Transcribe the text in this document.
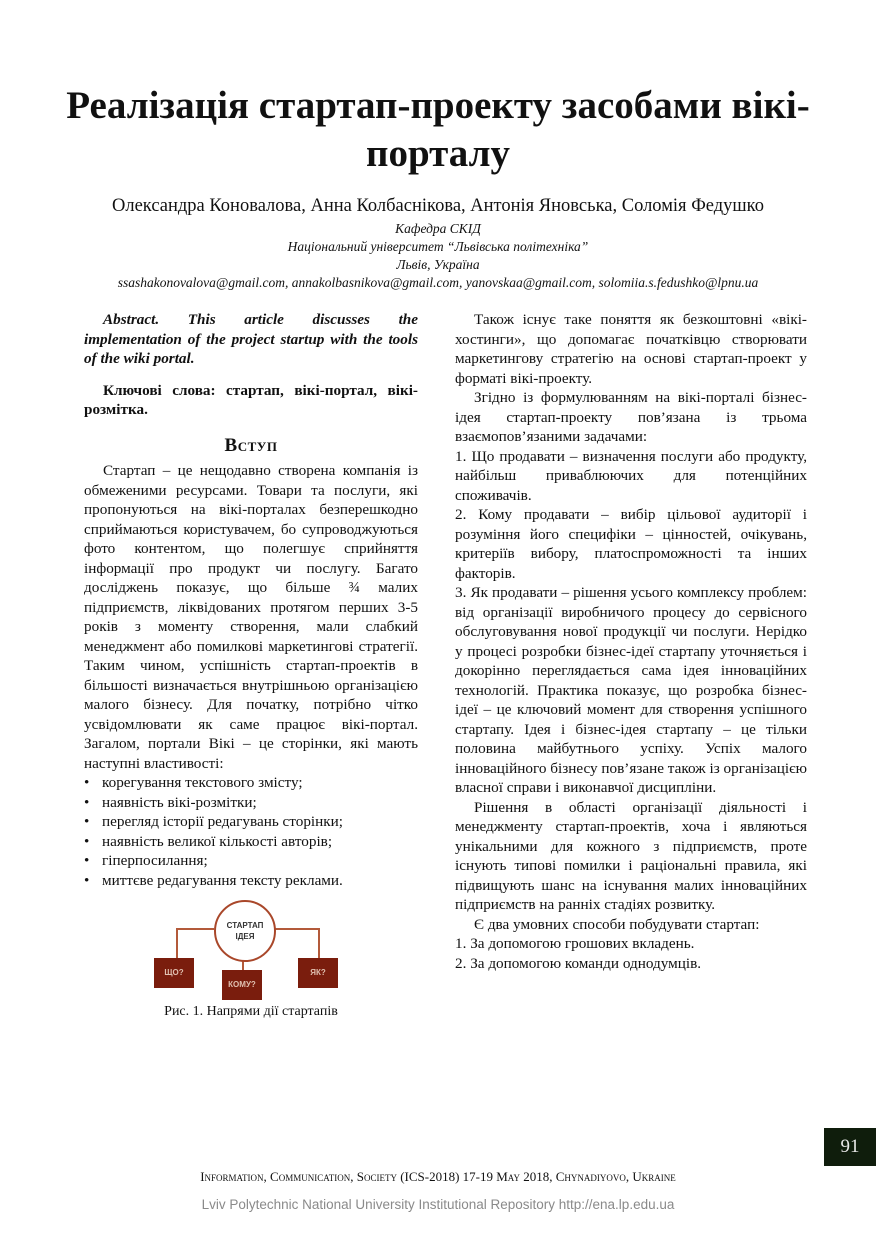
Реалізація стартап-проекту засобами вікі-порталу
Олександра Коновалова, Анна Колбаснікова, Антонія Яновська, Соломія Федушко
Кафедра СКІД
Національний університет “Львівська політехніка”
Львів, Україна
ssashakonovalova@gmail.com, annakolbasnikova@gmail.com, yanovskaa@gmail.com, solomiia.s.fedushko@lpnu.ua

Abstract. This article discusses the implementation of the project startup with the tools of the wiki portal.

Ключові слова: стартап, вікі-портал, вікі-розмітка.

Вступ

Стартап – це нещодавно створена компанія із обмеженими ресурсами. Товари та послуги, які пропонуються на вікі-порталах безперешкодно сприймаються користувачем, бо супроводжуються фото контентом, що полегшує сприйняття інформації про продукт чи послугу. Багато досліджень показує, що більше ¾ малих підприємств, ліквідованих протягом перших 3-5 років з моменту створення, мали слабкий менеджмент або помилкові маркетингові стратегії. Таким чином, успішність стартап-проектів в більшості визначається внутрішньою організацією малого бізнесу. Для початку, потрібно чітко усвідомлювати як саме працює вікі-портал. Загалом, портали Вікі – це сторінки, які мають наступні властивості:

• корегування текстового змісту;
• наявність вікі-розмітки;
• перегляд історії редагувань сторінки;
• наявність великої кількості авторів;
• гіперпосилання;
• миттєве редагування тексту реклами.
СТАРТАП
ІДЕЯ
ЩО?
КОМУ?
ЯК?
Рис. 1. Напрями дії стартапів

Також існує таке поняття як безкоштовні «вікі-хостинги», що допомагає початківцю створювати маркетингову стратегію на основі стартап-проект у форматі вікі-проекту.

Згідно із формулюванням на вікі-порталі бізнес-ідея стартап-проекту пов’язана із трьома взаємопов’язаними задачами:

1. Що продавати – визначення послуги або продукту, найбільш приваблюючих для потенційних споживачів.
2. Кому продавати – вибір цільової аудиторії і розуміння його специфіки – цінностей, очікувань, критеріїв вибору, платоспроможності та інших факторів.
3. Як продавати – рішення усього комплексу проблем: від організації виробничого процесу до сервісного обслуговування нової продукції чи послуги. Нерідко у процесі розробки бізнес-ідеї стартапу уточняється і докорінно переглядається сама ідея інноваційних технологій. Практика показує, що розробка бізнес-ідеї – це ключовий момент для створення успішного стартапу. Ідея і бізнес-ідея стартапу – це тільки половина майбутнього успіху. Успіх малого інноваційного бізнесу пов’язане також із організацією власної справи і виконавчої дисципліни.

Рішення в області організації діяльності і менеджменту стартап-проектів, хоча і являються унікальними для кожного з підприємств, проте існують типові помилки і раціональні правила, які підвищують шанс на існування малих інноваційних підприємств на ранніх стадіях розвитку.

Є два умовних способи побудувати стартап:

1. За допомогою грошових вкладень.
2. За допомогою команди однодумців.
91
Information, Communication, Society (ICS-2018) 17-19 May 2018, Chynadiyovo, Ukraine
Lviv Polytechnic National University Institutional Repository http://ena.lp.edu.ua
